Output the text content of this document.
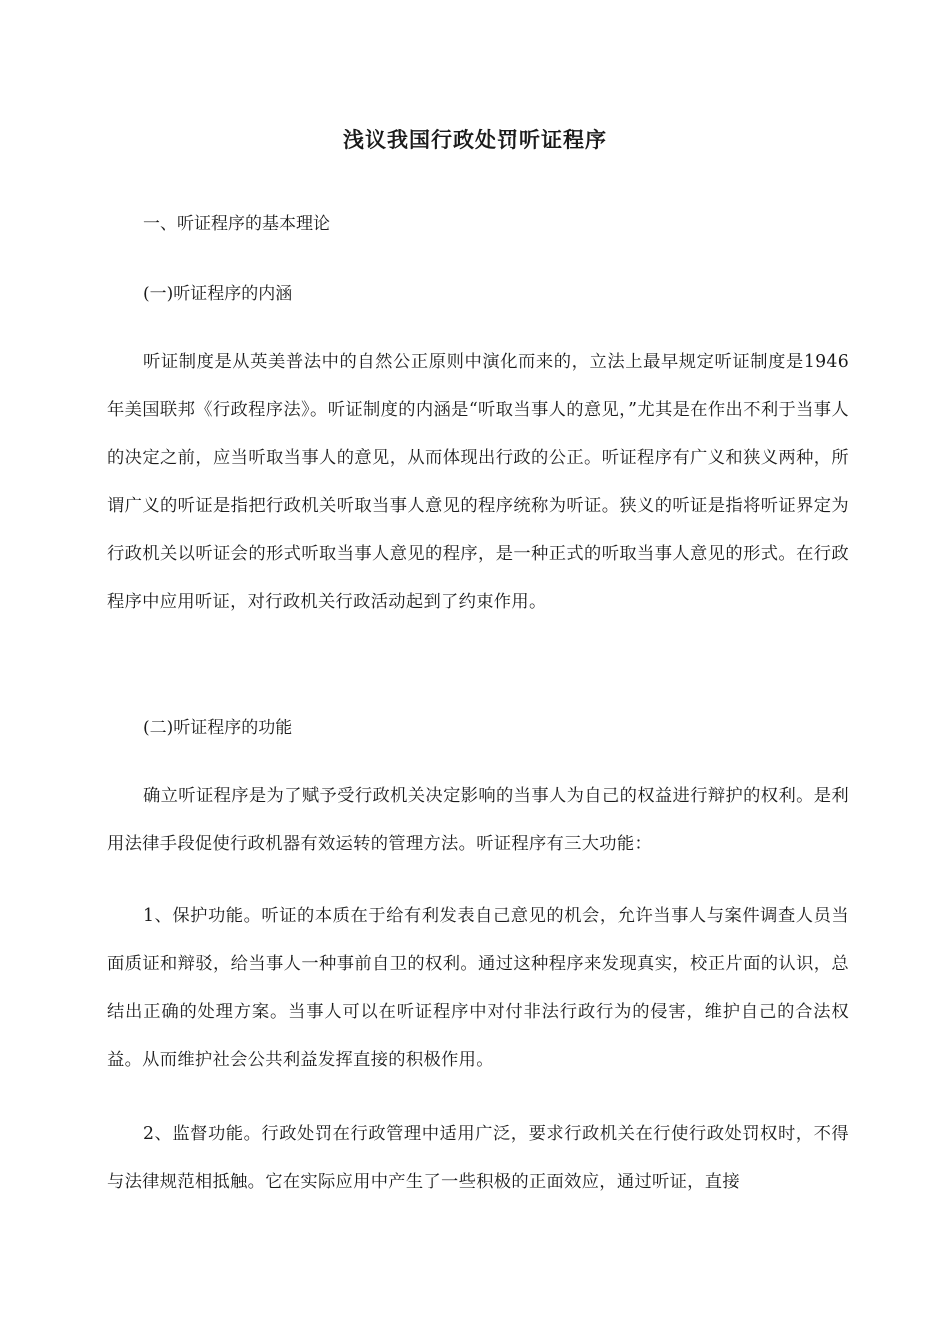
浅议我国行政处罚听证程序
一、听证程序的基本理论
(一)听证程序的内涵
听证制度是从英美普法中的自然公正原则中演化而来的，立法上最早规定听证制度是1946年美国联邦《行政程序法》。听证制度的内涵是“听取当事人的意见，”尤其是在作出不利于当事人的决定之前，应当听取当事人的意见，从而体现出行政的公正。听证程序有广义和狭义两种，所谓广义的听证是指把行政机关听取当事人意见的程序统称为听证。狭义的听证是指将听证界定为行政机关以听证会的形式听取当事人意见的程序，是一种正式的听取当事人意见的形式。在行政程序中应用听证，对行政机关行政活动起到了约束作用。
(二)听证程序的功能
确立听证程序是为了赋予受行政机关决定影响的当事人为自己的权益进行辩护的权利。是利用法律手段促使行政机器有效运转的管理方法。听证程序有三大功能：
1、保护功能。听证的本质在于给有利发表自己意见的机会，允许当事人与案件调查人员当面质证和辩驳，给当事人一种事前自卫的权利。通过这种程序来发现真实，校正片面的认识，总结出正确的处理方案。当事人可以在听证程序中对付非法行政行为的侵害，维护自己的合法权益。从而维护社会公共利益发挥直接的积极作用。
2、监督功能。行政处罚在行政管理中适用广泛，要求行政机关在行使行政处罚权时，不得与法律规范相抵触。它在实际应用中产生了一些积极的正面效应，通过听证，直接
